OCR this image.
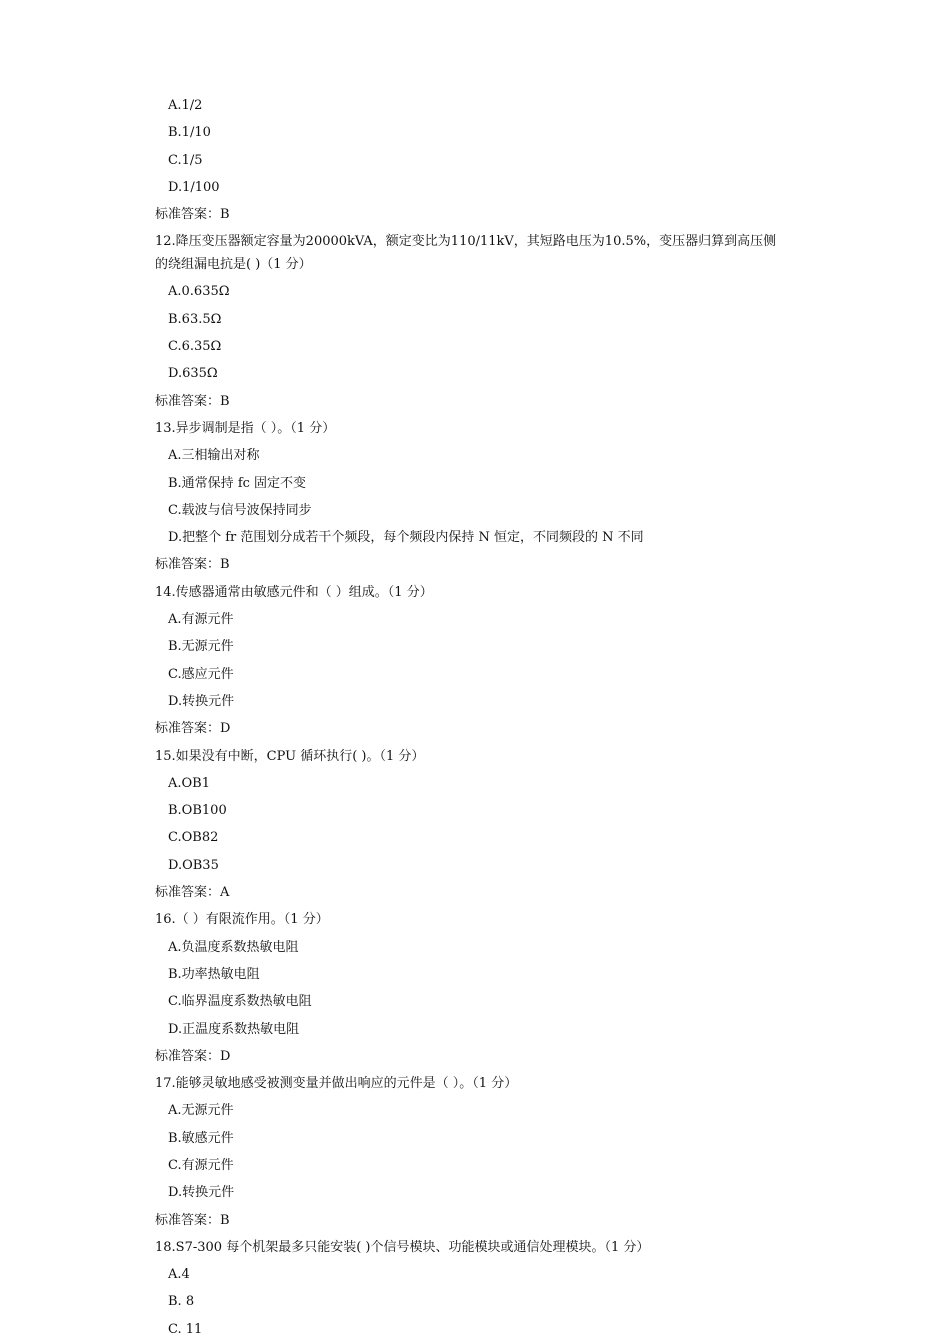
A.1/2
B.1/10
C.1/5
D.1/100
标准答案：B
12.降压变压器额定容量为20000kVA，额定变比为110/11kV，其短路电压为10.5%，变压器归算到高压侧
的绕组漏电抗是( )（1 分）
A.0.635Ω
B.63.5Ω
C.6.35Ω
D.635Ω
标准答案：B
13.异步调制是指（ ）。（1 分）
A.三相输出对称
B.通常保持 fc 固定不变
C.载波与信号波保持同步
D.把整个 fr 范围划分成若干个频段，每个频段内保持 N 恒定，不同频段的 N 不同
标准答案：B
14.传感器通常由敏感元件和（ ）组成。（1 分）
A.有源元件
B.无源元件
C.感应元件
D.转换元件
标准答案：D
15.如果没有中断，CPU 循环执行( )。（1 分）
A.OB1
B.OB100
C.OB82
D.OB35
标准答案：A
16.（ ）有限流作用。（1 分）
A.负温度系数热敏电阻
B.功率热敏电阻
C.临界温度系数热敏电阻
D.正温度系数热敏电阻
标准答案：D
17.能够灵敏地感受被测变量并做出响应的元件是（ ）。（1 分）
A.无源元件
B.敏感元件
C.有源元件
D.转换元件
标准答案：B
18.S7-300 每个机架最多只能安装( )个信号模块、功能模块或通信处理模块。（1 分）
A.4
B. 8
C. 11
